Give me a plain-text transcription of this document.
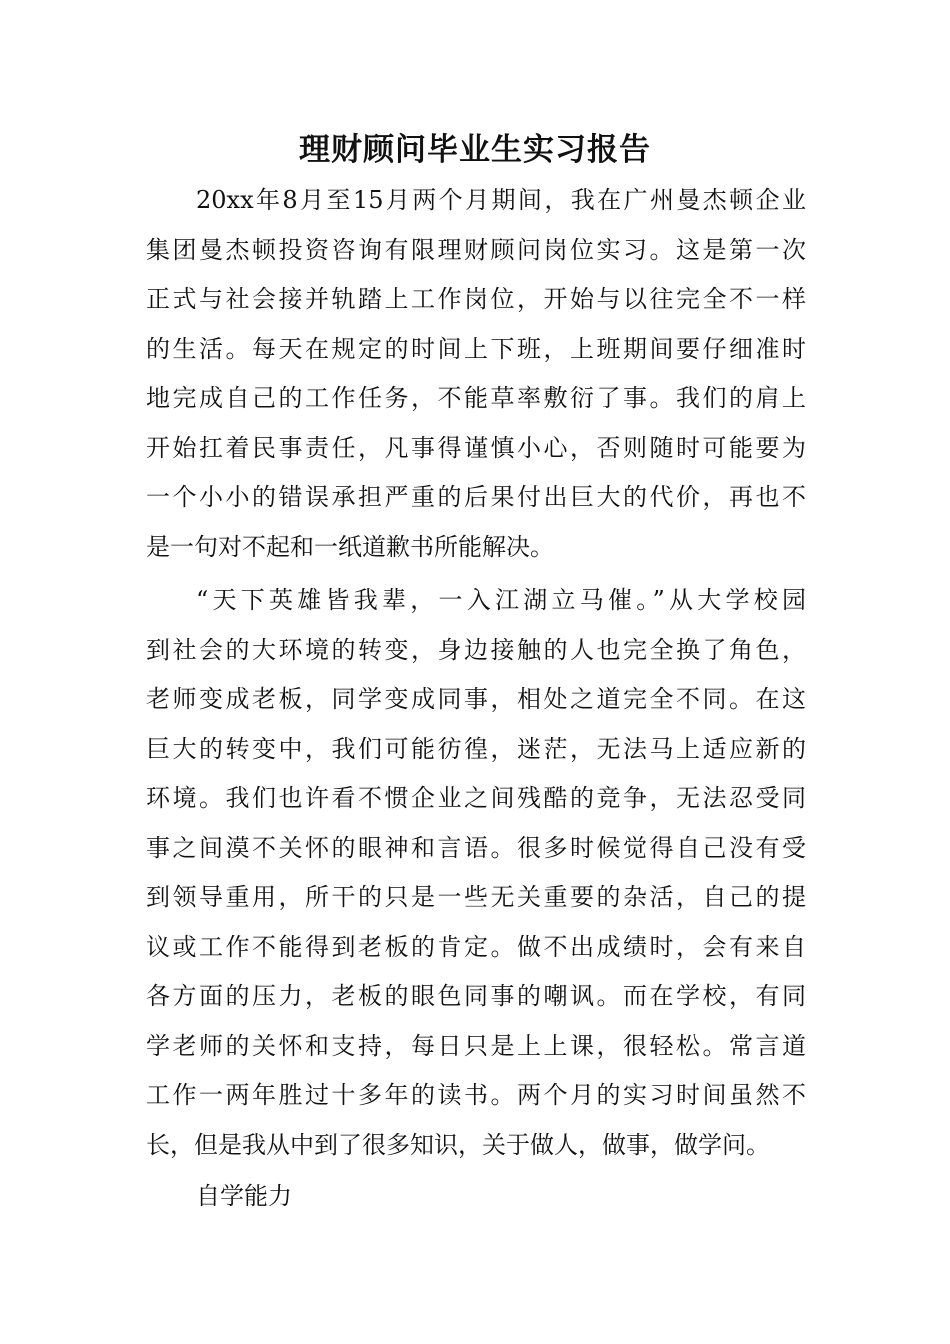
理财顾问毕业生实习报告
20xx年8月至15月两个月期间，我在广州曼杰顿企业
集团曼杰顿投资咨询有限理财顾问岗位实习。这是第一次
正式与社会接并轨踏上工作岗位，开始与以往完全不一样
的生活。每天在规定的时间上下班，上班期间要仔细准时
地完成自己的工作任务，不能草率敷衍了事。我们的肩上
开始扛着民事责任，凡事得谨慎小心，否则随时可能要为
一个小小的错误承担严重的后果付出巨大的代价，再也不
是一句对不起和一纸道歉书所能解决。
“天下英雄皆我辈，一入江湖立马催。”从大学校园
到社会的大环境的转变，身边接触的人也完全换了角色，
老师变成老板，同学变成同事，相处之道完全不同。在这
巨大的转变中，我们可能彷徨，迷茫，无法马上适应新的
环境。我们也许看不惯企业之间残酷的竞争，无法忍受同
事之间漠不关怀的眼神和言语。很多时候觉得自己没有受
到领导重用，所干的只是一些无关重要的杂活，自己的提
议或工作不能得到老板的肯定。做不出成绩时，会有来自
各方面的压力，老板的眼色同事的嘲讽。而在学校，有同
学老师的关怀和支持，每日只是上上课，很轻松。常言道
工作一两年胜过十多年的读书。两个月的实习时间虽然不
长，但是我从中到了很多知识，关于做人，做事，做学问。
自学能力
